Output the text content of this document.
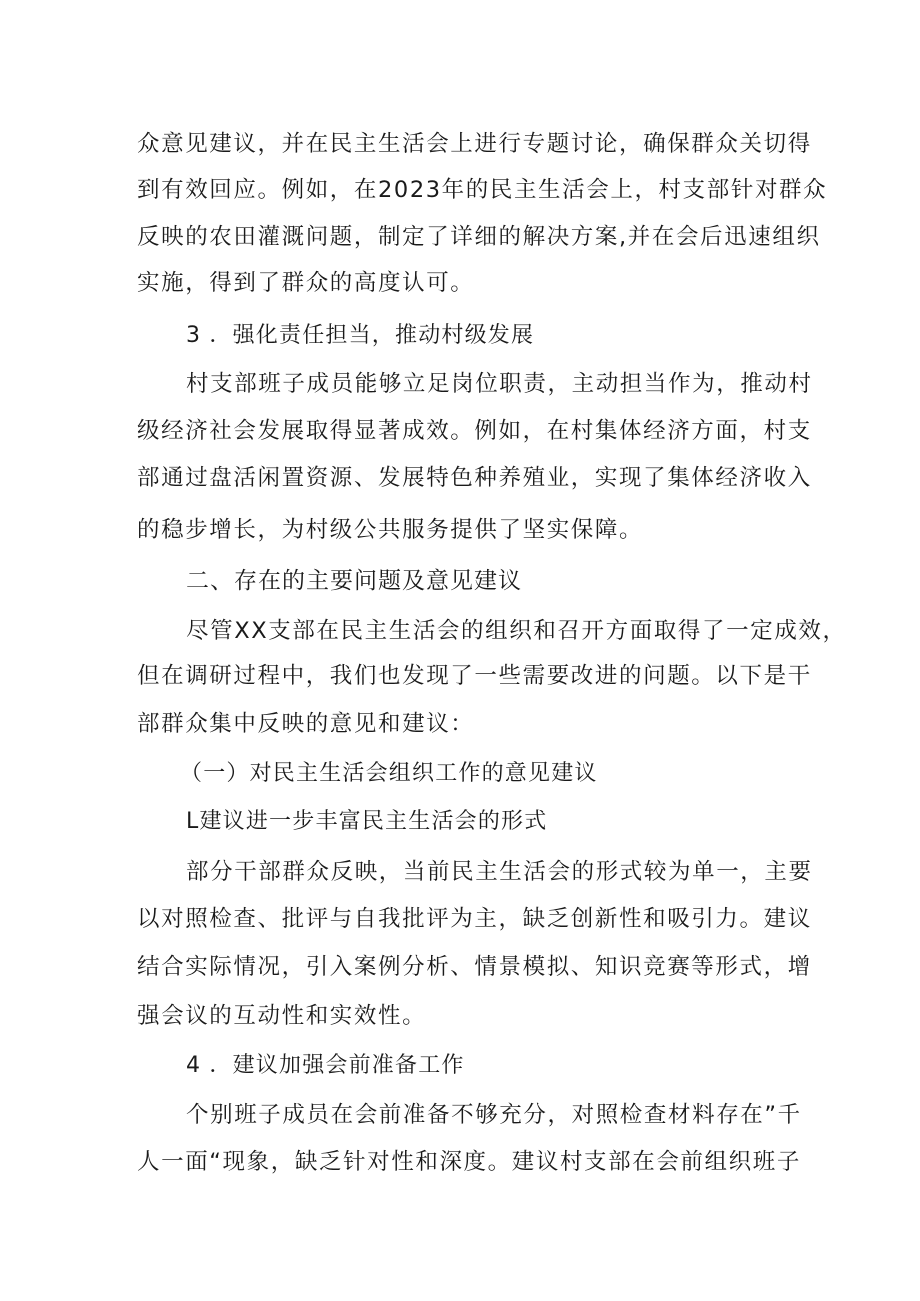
众意见建议，并在民主生活会上进行专题讨论，确保群众关切得
到有效回应。例如，在2023年的民主生活会上，村支部针对群众
反映的农田灌溉问题，制定了详细的解决方案,并在会后迅速组织
实施，得到了群众的高度认可。
3 ．强化责任担当，推动村级发展
村支部班子成员能够立足岗位职责，主动担当作为，推动村
级经济社会发展取得显著成效。例如，在村集体经济方面，村支
部通过盘活闲置资源、发展特色种养殖业，实现了集体经济收入
的稳步增长，为村级公共服务提供了坚实保障。
二、存在的主要问题及意见建议
尽管XX支部在民主生活会的组织和召开方面取得了一定成效，
但在调研过程中，我们也发现了一些需要改进的问题。以下是干
部群众集中反映的意见和建议：
（一）对民主生活会组织工作的意见建议
L建议进一步丰富民主生活会的形式
部分干部群众反映，当前民主生活会的形式较为单一，主要
以对照检查、批评与自我批评为主，缺乏创新性和吸引力。建议
结合实际情况，引入案例分析、情景模拟、知识竞赛等形式，增
强会议的互动性和实效性。
4 ．建议加强会前准备工作
个别班子成员在会前准备不够充分，对照检查材料存在”千
人一面“现象，缺乏针对性和深度。建议村支部在会前组织班子
